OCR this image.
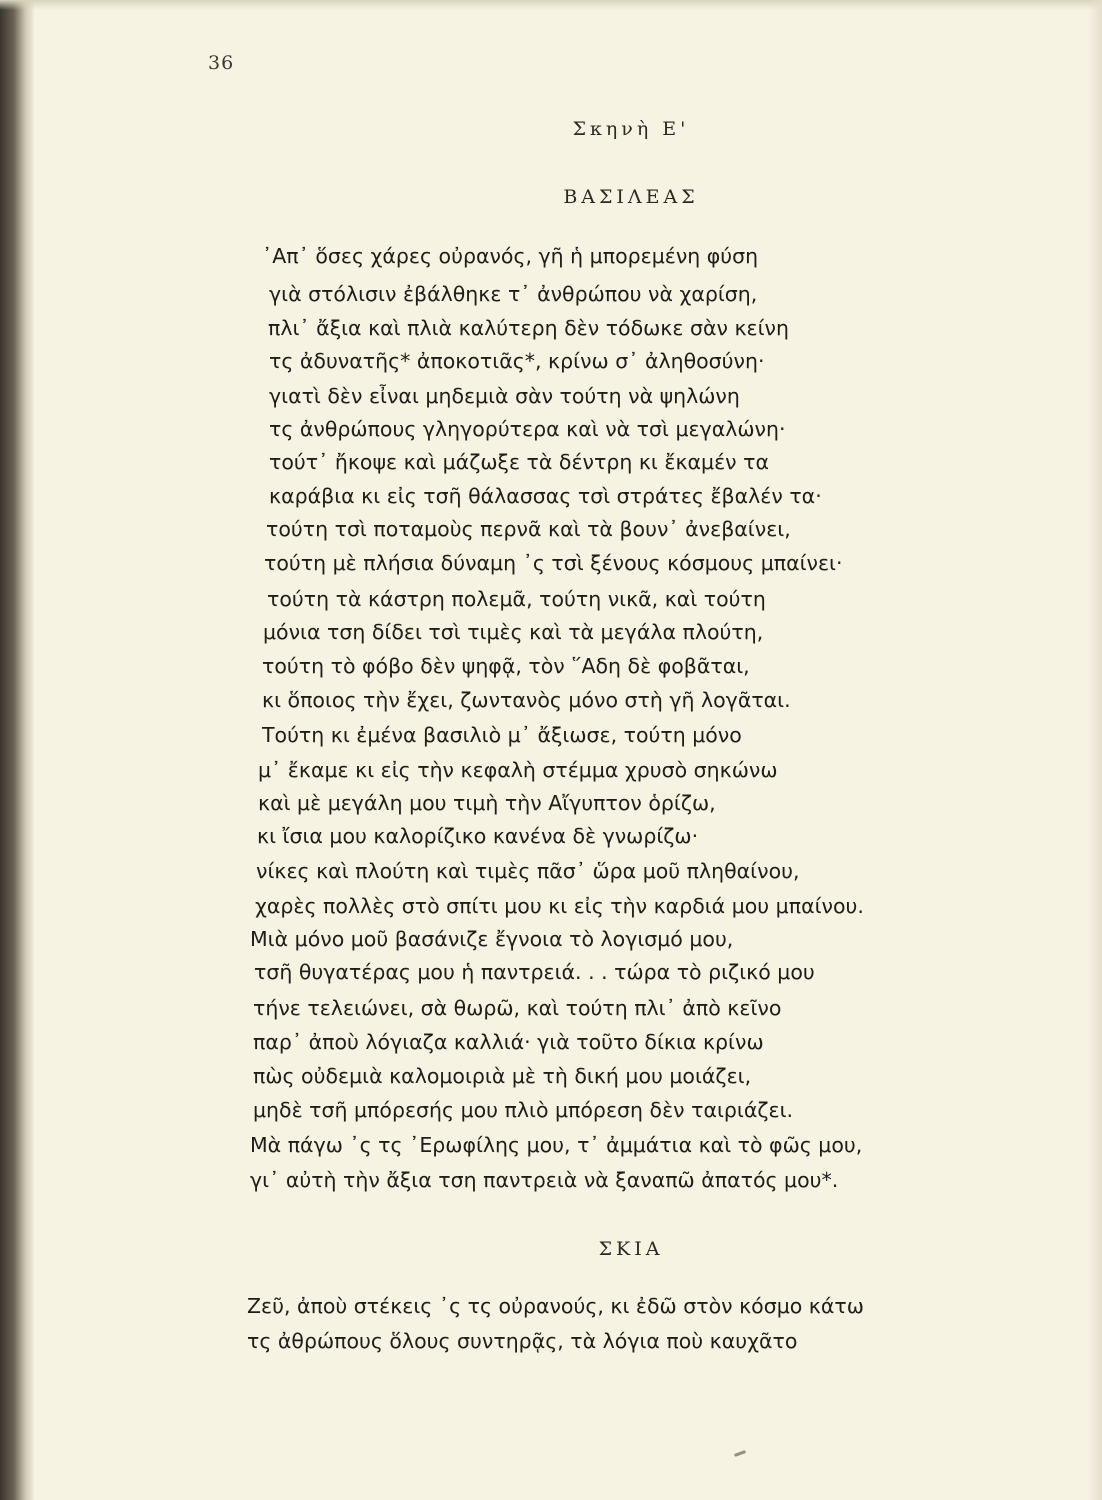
36
Σκηνὴ Ε'
ΒΑΣΙΛΕΑΣ
᾿Απ᾿ ὅσες χάρες οὐρανός, γῆ ἡ μπορεμένη φύση
γιὰ στόλισιν ἐβάλθηκε τ᾿ ἀνθρώπου νὰ χαρίση,
πλι᾿ ἄξια καὶ πλιὰ καλύτερη δὲν τόδωκε σὰν κείνη
τς ἀδυνατῆς* ἀποκοτιᾶς*, κρίνω σ᾿ ἀληθοσύνη·
γιατὶ δὲν εἶναι μηδεμιὰ σὰν τούτη νὰ ψηλώνη
τς ἀνθρώπους γληγορύτερα καὶ νὰ τσὶ μεγαλώνη·
τούτ᾿ ἤκοψε καὶ μάζωξε τὰ δέντρη κι ἔκαμέν τα
καράβια κι εἰς τσῆ θάλασσας τσὶ στράτες ἔβαλέν τα·
τούτη τσὶ ποταμοὺς περνᾶ καὶ τὰ βουν᾿ ἀνεβαίνει,
τούτη μὲ πλήσια δύναμη ᾽ς τσὶ ξένους κόσμους μπαίνει·
τούτη τὰ κάστρη πολεμᾶ, τούτη νικᾶ, καὶ τούτη
μόνια τση δίδει τσὶ τιμὲς καὶ τὰ μεγάλα πλούτη,
τούτη τὸ φόβο δὲν ψηφᾷ, τὸν ῞Αδη δὲ φοβᾶται,
κι ὅποιος τὴν ἔχει, ζωντανὸς μόνο στὴ γῆ λογᾶται.
Τούτη κι ἐμένα βασιλιὸ μ᾿ ἄξιωσε, τούτη μόνο
μ᾿ ἔκαμε κι εἰς τὴν κεφαλὴ στέμμα χρυσὸ σηκώνω
καὶ μὲ μεγάλη μου τιμὴ τὴν Αἴγυπτον ὁρίζω,
κι ἴσια μου καλορίζικο κανένα δὲ γνωρίζω·
νίκες καὶ πλούτη καὶ τιμὲς πᾶσ᾿ ὥρα μοῦ πληθαίνου,
χαρὲς πολλὲς στὸ σπίτι μου κι εἰς τὴν καρδιά μου μπαίνου.
Μιὰ μόνο μοῦ βασάνιζε ἔγνοια τὸ λογισμό μου,
τσῆ θυγατέρας μου ἡ παντρειά. . . τώρα τὸ ριζικό μου
τήνε τελειώνει, σὰ θωρῶ, καὶ τούτη πλι᾿ ἀπὸ κεῖνο
παρ᾿ ἀποὺ λόγιαζα καλλιά· γιὰ τοῦτο δίκια κρίνω
πὼς οὐδεμιὰ καλομοιριὰ μὲ τὴ δική μου μοιάζει,
μηδὲ τσῆ μπόρεσής μου πλιὸ μπόρεση δὲν ταιριάζει.
Μὰ πάγω ᾽ς τς ᾽Ερωφίλης μου, τ᾿ ἀμμάτια καὶ τὸ φῶς μου,
γι᾿ αὐτὴ τὴν ἄξια τση παντρειὰ νὰ ξαναπῶ ἀπατός μου*.
ΣΚΙΑ
Ζεῦ, ἀποὺ στέκεις ᾽ς τς οὐρανούς, κι ἐδῶ στὸν κόσμο κάτω
τς ἀθρώπους ὅλους συντηρᾷς, τὰ λόγια ποὺ καυχᾶτο
